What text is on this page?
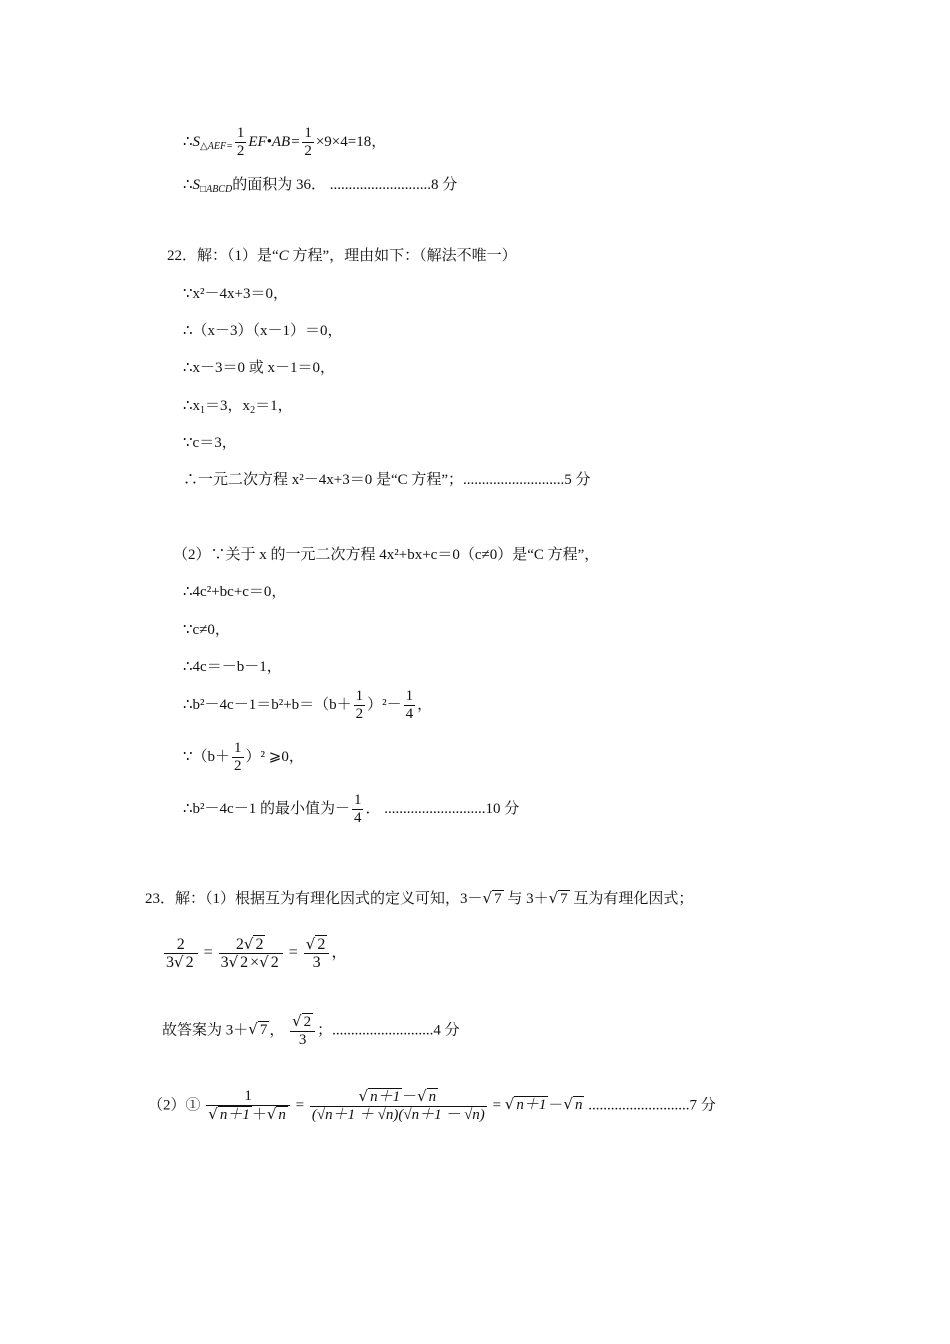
$\therefore S_{\triangle AEF=} \frac{1}{2}$ EF•AB= $\frac{1}{2} \times 9\times 4=18$，
$\therefore S_{□ABCD}$的面积为 36． ...........................8 分
22．解：（1）是“C 方程”，理由如下：（解法不唯一）
∵x²－4x+3＝0，
∴（x－3）（x－1）＝0，
∴x－3＝0 或 x－1＝0，
$\therefore x_1=3$，$x_2=1$，
∵c＝3，
∴一元二次方程 x²－4x+3＝0 是“C 方程”；...........................5 分
（2）∵关于 x 的一元二次方程 4x²+bx+c＝0（c≠0）是“C 方程”，
∴4c²+bc+c＝0，
∵c≠0，
∴4c＝－b－1，
∴b²－4c－1＝b²+b＝（b＋ $\frac{1}{2} )^2- \frac{1}{4}$ ，
∵（b＋ $\frac{1}{2} )^2$ ⩾0，
∴b²－4c－1 的最小值为－ $\frac{1}{4}$ ． ...........................10 分
23．解：（1）根据互为有理化因式的定义可知，3－√ 7 与 3＋√ 7 互为有理化因式；
$\frac{2}{3√ 2} = \frac{2√ 2}{3√ 2 \times√ 2} = \frac{√ 2}{3}$ ，
故答案为 3＋√ 7 ， $\frac{√ 2}{3}$ ；...........................4 分
（2）① $\frac{1}{√ n+1 +√ n} = \frac{√ n+1 -√ n}{(√n+1 + √n)(√n+1 - √n)}$ = √ n＋1 －√ n ...........................7 分
